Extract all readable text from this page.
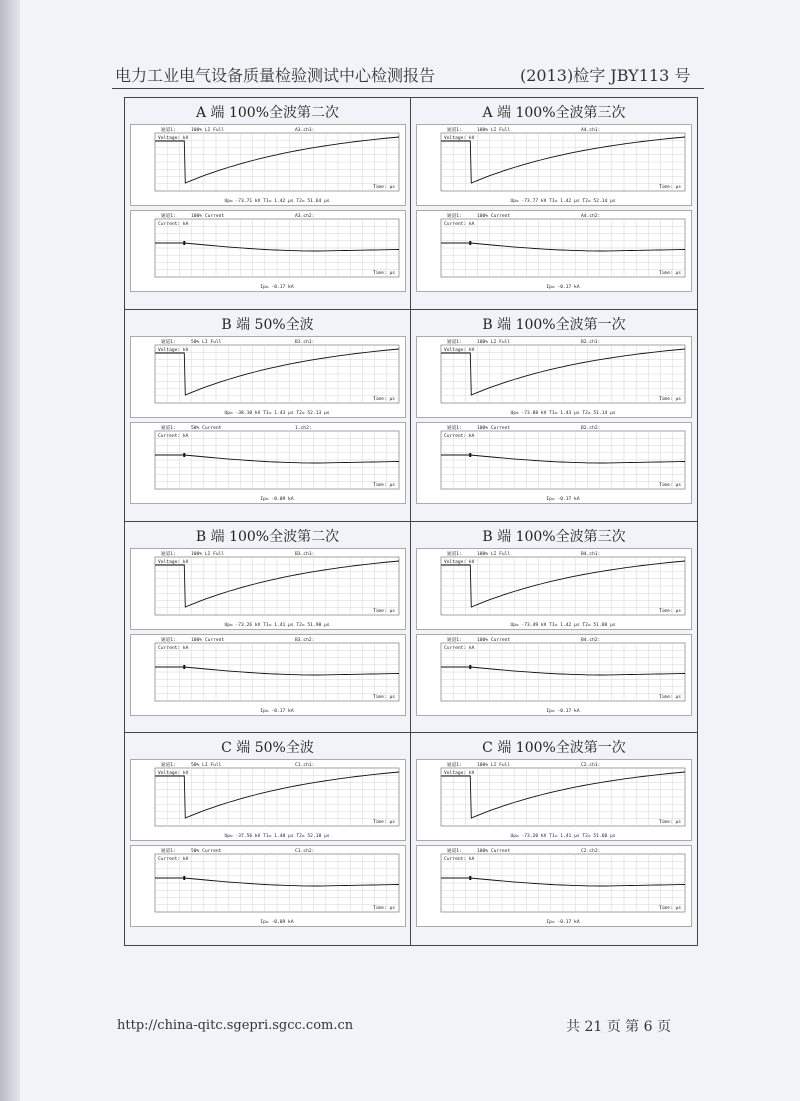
电力工业电气设备质量检验测试中心检测报告	(2013)检字 JBY113 号
A 端 100%全波第二次
通道1:	100% LI Full	A3.ch1:
Voltage: kV
Time: μs
Up= -73.71 kV T1= 1.42 μs T2= 51.64 μs
通道1:	100% Current	A3.ch2:
Current: kA
Time: μs
Ip= -0.17 kA
A 端 100%全波第三次
通道1:	100% LI Full	A4.ch1:
Voltage: kV
Time: μs
Up= -73.77 kV T1= 1.42 μs T2= 52.14 μs
通道1:	100% Current	A4.ch2:
Current: kA
Time: μs
Ip= -0.17 kA
B 端 50%全波
通道1:	50% LI Full	B1.ch1:
Voltage: kV
Time: μs
Up= -38.10 kV T1= 1.43 μs T2= 52.13 μs
通道1:	50% Current	1.ch2:
Current: kA
Time: μs
Ip= -0.09 kA
B 端 100%全波第一次
通道1:	100% LI Full	B2.ch1:
Voltage: kV
Time: μs
Up= -73.88 kV T1= 1.43 μs T2= 51.14 μs
通道1:	100% Current	B2.ch2:
Current: kA
Time: μs
Ip= -0.17 kA
B 端 100%全波第二次
通道1:	100% LI Full	B3.ch1:
Voltage: kV
Time: μs
Up= -73.26 kV T1= 1.41 μs T2= 51.98 μs
通道1:	100% Current	B3.ch2:
Current: kA
Time: μs
Ip= -0.17 kA
B 端 100%全波第三次
通道1:	100% LI Full	B4.ch1:
Voltage: kV
Time: μs
Up= -73.49 kV T1= 1.42 μs T2= 51.88 μs
通道1:	100% Current	B4.ch2:
Current: kA
Time: μs
Ip= -0.17 kA
C 端 50%全波
通道1:	50% LI Full	C1.ch1:
Voltage: kV
Time: μs
Up= -37.56 kV T1= 1.40 μs T2= 52.18 μs
通道1:	50% Current	C1.ch2:
Current: kA
Time: μs
Ip= -0.09 kA
C 端 100%全波第一次
通道1:	100% LI Full	C2.ch1:
Voltage: kV
Time: μs
Up= -73.20 kV T1= 1.41 μs T2= 51.60 μs
通道1:	100% Current	C2.ch2:
Current: kA
Time: μs
Ip= -0.17 kA
http://china-qitc.sgepri.sgcc.com.cn	共 21 页 第 6 页
